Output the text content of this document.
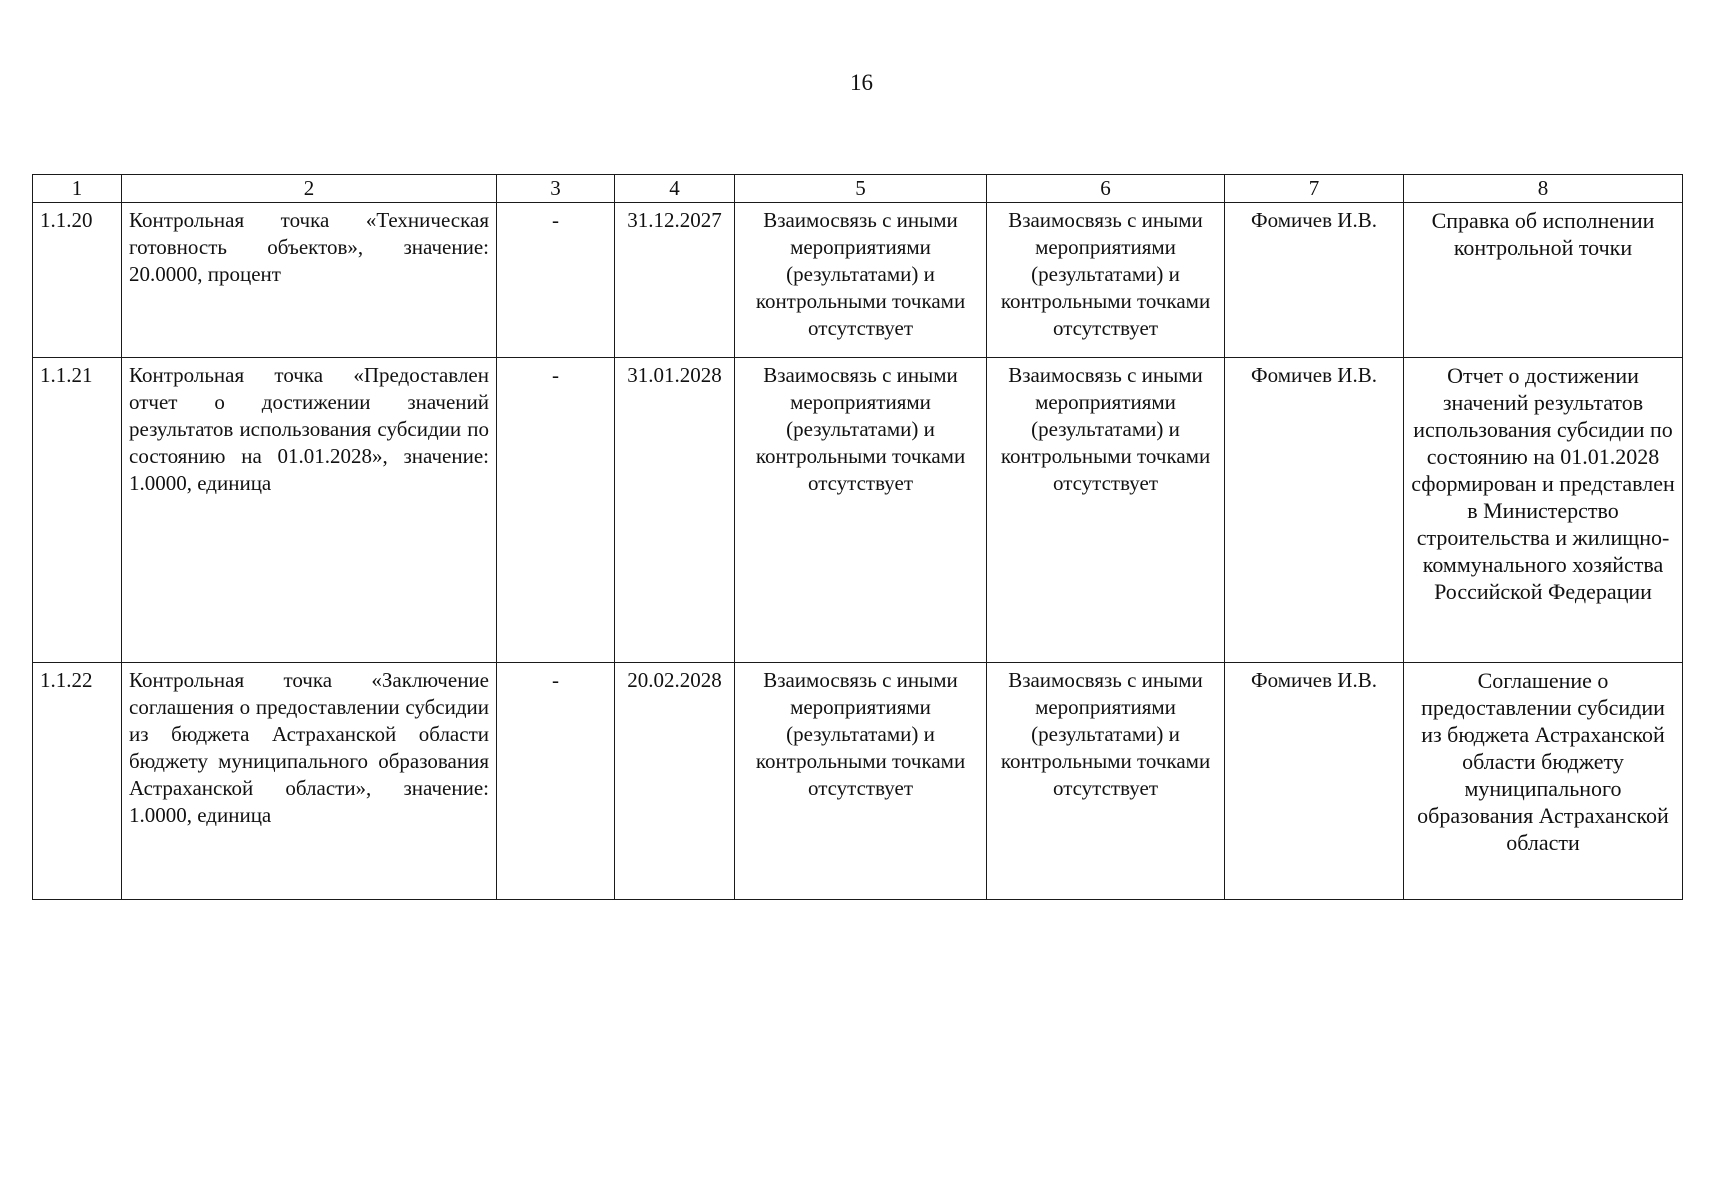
16
1	2	3	4	5	6	7	8
1.1.20	Контрольная точка «Техническая готовность объектов», значение: 20.0000, процент	-	31.12.2027	Взаимосвязь с иными мероприятиями (результатами) и контрольными точками отсутствует	Взаимосвязь с иными мероприятиями (результатами) и контрольными точками отсутствует	Фомичев И.В.	Справка об исполнении контрольной точки
1.1.21	Контрольная точка «Предоставлен отчет о достижении значений результатов использования субсидии по состоянию на 01.01.2028», значение: 1.0000, единица	-	31.01.2028	Взаимосвязь с иными мероприятиями (результатами) и контрольными точками отсутствует	Взаимосвязь с иными мероприятиями (результатами) и контрольными точками отсутствует	Фомичев И.В.	Отчет о достижении значений результатов использования субсидии по состоянию на 01.01.2028 сформирован и представлен в Министерство строительства и жилищно-коммунального хозяйства Российской Федерации
1.1.22	Контрольная точка «Заключение соглашения о предоставлении субсидии из бюджета Астраханской области бюджету муниципального образования Астраханской области», значение: 1.0000, единица	-	20.02.2028	Взаимосвязь с иными мероприятиями (результатами) и контрольными точками отсутствует	Взаимосвязь с иными мероприятиями (результатами) и контрольными точками отсутствует	Фомичев И.В.	Соглашение о предоставлении субсидии из бюджета Астраханской области бюджету муниципального образования Астраханской области
